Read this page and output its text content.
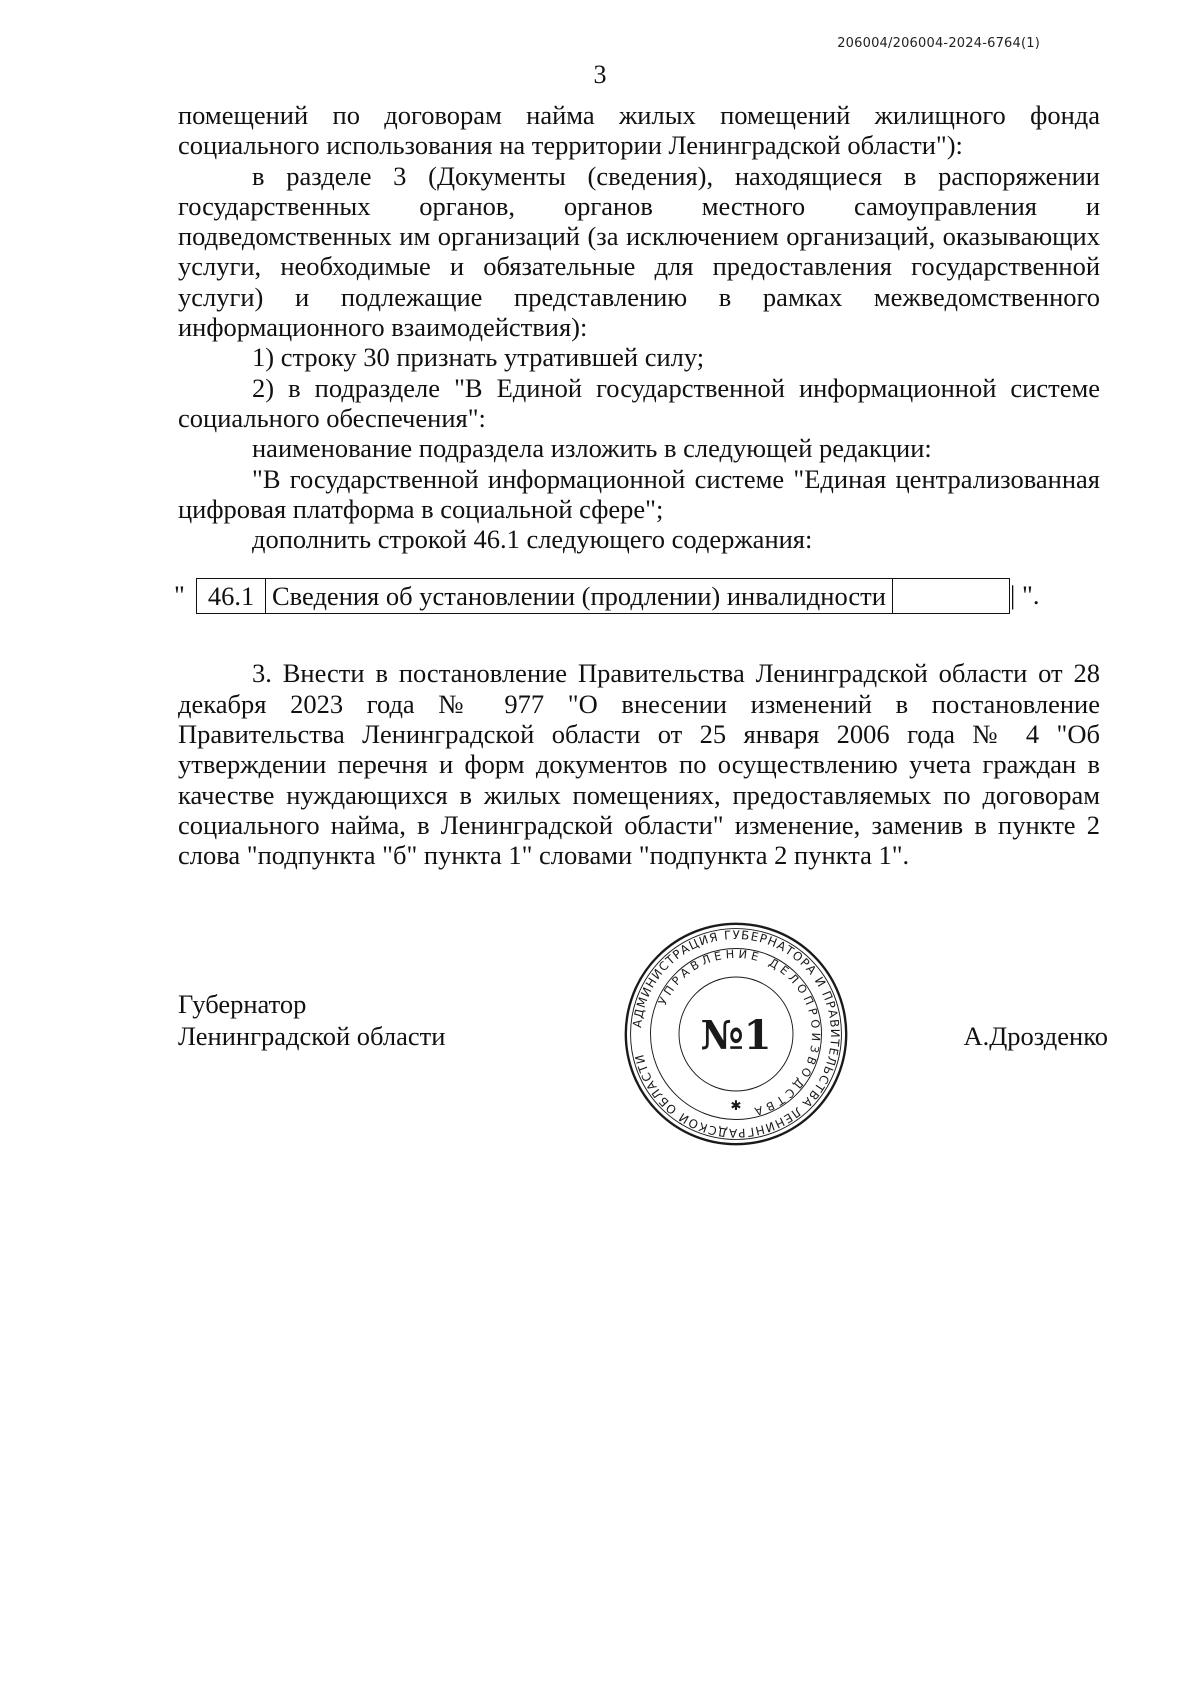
206004/206004-2024-6764(1)
3

помещений по договорам найма жилых помещений жилищного фонда социального использования на территории Ленинградской области"):

в разделе 3 (Документы (сведения), находящиеся в распоряжении государственных органов, органов местного самоуправления и подведомственных им организаций (за исключением организаций, оказывающих услуги, необходимые и обязательные для предоставления государственной услуги) и подлежащие представлению в рамках межведомственного информационного взаимодействия):

1) строку 30 признать утратившей силу;

2) в подразделе "В Единой государственной информационной системе социального обеспечения":

наименование подраздела изложить в следующей редакции:

"В государственной информационной системе "Единая централизованная цифровая платформа в социальной сфере";

дополнить строкой 46.1 следующего содержания:

" 46.1	Сведения об установлении (продлении) инвалидности		| ".

3. Внести в постановление Правительства Ленинградской области от 28 декабря 2023 года № 977 "О внесении изменений в постановление Правительства Ленинградской области от 25 января 2006 года № 4 "Об утверждении перечня и форм документов по осуществлению учета граждан в качестве нуждающихся в жилых помещениях, предоставляемых по договорам социального найма, в Ленинградской области" изменение, заменив в пункте 2 слова "подпункта "б" пункта 1" словами "подпункта 2 пункта 1".

Губернатор
Ленинградской области	АДМИНИСТРАЦИЯ ГУБЕРНАТОРА И ПРАВИТЕЛЬСТВА ЛЕНИНГРАДСКОЙ ОБЛАСТИ
УПРАВЛЕНИЕ ДЕЛОПРОИЗВОДСТВА
№1
✱
А.Дрозденко
